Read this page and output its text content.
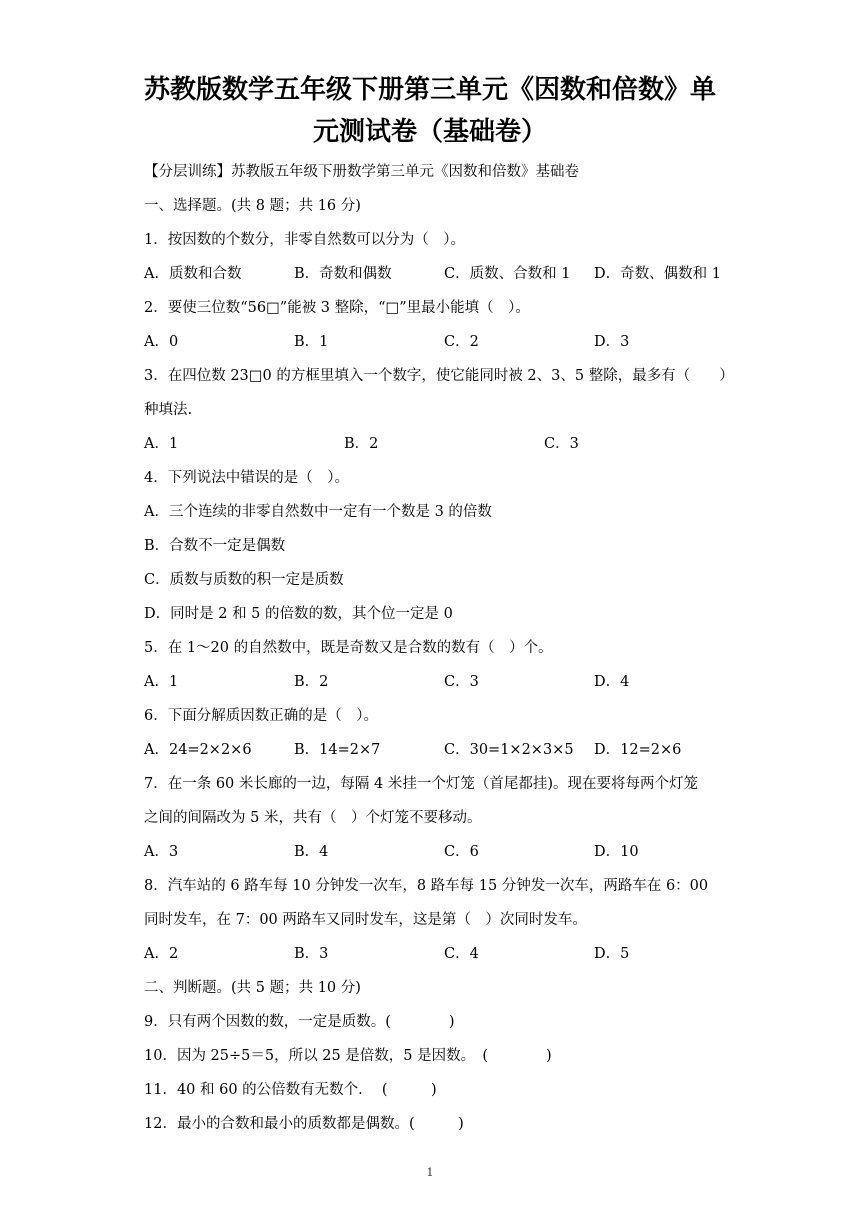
苏教版数学五年级下册第三单元《因数和倍数》单
元测试卷（基础卷）
【分层训练】苏教版五年级下册数学第三单元《因数和倍数》基础卷
一、选择题。(共 8 题；共 16 分)
1．按因数的个数分，非零自然数可以分为（　）。
A．质数和合数	B．奇数和偶数	C．质数、合数和 1 D．奇数、偶数和 1
2．要使三位数“56□”能被 3 整除，“□”里最小能填（　）。
A．0	B．1	C．2	D．3
3．在四位数 23□0 的方框里填入一个数字，使它能同时被 2、3、5 整除，最多有（　　）
种填法.
A．1	B．2	C．3
4．下列说法中错误的是（　）。
A．三个连续的非零自然数中一定有一个数是 3 的倍数
B．合数不一定是偶数
C．质数与质数的积一定是质数
D．同时是 2 和 5 的倍数的数，其个位一定是 0
5．在 1～20 的自然数中，既是奇数又是合数的数有（　）个。
A．1	B．2	C．3	D．4
6．下面分解质因数正确的是（　）。
A．24=2×2×6	B．14=2×7	C．30=1×2×3×5 D．12=2×6
7．在一条 60 米长廊的一边，每隔 4 米挂一个灯笼（首尾都挂)。现在要将每两个灯笼
之间的间隔改为 5 米，共有（　）个灯笼不要移动。
A．3	B．4	C．6	D．10
8．汽车站的 6 路车每 10 分钟发一次车，8 路车每 15 分钟发一次车，两路车在 6：00
同时发车，在 7：00 两路车又同时发车，这是第（　）次同时发车。
A．2	B．3	C．4	D．5
二、判断题。(共 5 题；共 10 分)
9．只有两个因数的数，一定是质数。(　　　　)
10．因为 25÷5＝5，所以 25 是倍数，5 是因数。　(　　　　)
11．40 和 60 的公倍数有无数个.　 (　　　)
12．最小的合数和最小的质数都是偶数。(　　　)
1
